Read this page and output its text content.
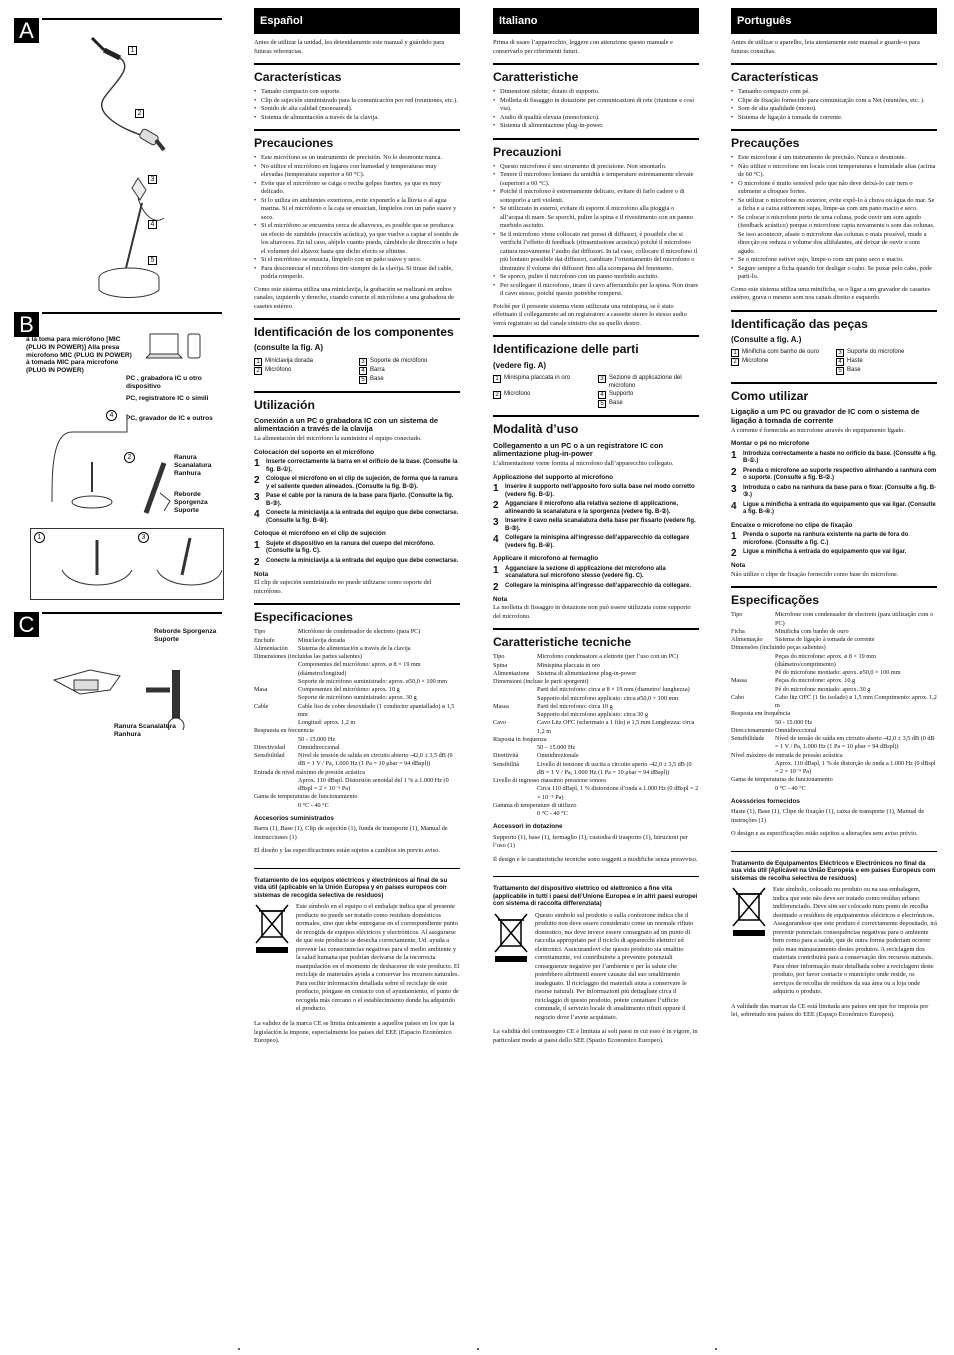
A
1
2
3
4
5
B
a la toma para micrófono [MIC (PLUG IN POWER)] Alla presa microfono MIC (PLUG IN POWER) à tomada MIC para microfone (PLUG IN POWER)
PC , grabadora IC u otro dispositivo
PC, registratore IC o simili
PC, gravador de IC e outros
4
2	Ranura Scanalatura Ranhura
Reborde Sporgenza Suporte
1	3
C	Reborde Sporgenza Suporte
Ranura Scanalatura Ranhura
Español

Antes de utilizar la unidad, lea detenidamente este manual y guárdelo para futuras referencias.

Características
• Tamaño compacto con soporte.
• Clip de sujeción suministrado para la comunicación por red (reuniones, etc.).
• Sonido de alta calidad (monoaural).
• Sistema de alimentación a través de la clavija.
Precauciones
• Este micrófono es un instrumento de precisión. No lo desmonte nunca.
• No utilice el micrófono en lugares con humedad y temperaturas muy elevadas (temperatura superior a 60 °C).
• Evite que el micrófono se caiga o reciba golpes fuertes, ya que es muy delicado.
• Si lo utiliza en ambientes exteriores, evite exponerlo a la lluvia o al agua marina. Si el micrófono o la caja se ensucian, límpielos con un paño suave y seco.
• Si el micrófono se encuentra cerca de altavoces, es posible que se produzca un efecto de zumbido (reacción acústica), ya que vuelve a captar el sonido de los altavoces. En tal caso, aléjelo cuanto pueda, cámbielo de dirección o baje el volumen del altavoz hasta que dicho efecto se elimine.
• Si el micrófono se ensucia, límpielo con un paño suave y seco.
• Para desconectar el micrófono tire siempre de la clavija. Si tirase del cable, podría romperlo.

Como este sistema utiliza una miniclavija, la grabación se realizará en ambos canales, izquierdo y derecho, cuando conecte el micrófono a una grabadora de casetes estéreo.

Identificación de los componentes (consulte la fig. A)
1 Miniclavija dorada	3 Soporte de micrófono
2 Micrófono	4 Barra
5 Base
Utilización
Conexión a un PC o grabadora IC con un sistema de alimentación a través de la clavija

La alimentación del micrófono la suministra el equipo conectado.

Colocación del soporte en el micrófono
1 Inserte correctamente la barra en el orificio de la base. (Consulte la fig. B-①).
2 Coloque el micrófono en el clip de sujeción, de forma que la ranura y el saliente queden alineados. (Consulte la fig. B-②).
3 Pase el cable por la ranura de la base para fijarlo. (Consulte la fig. B-③).
4 Conecte la miniclavija a la entrada del equipo que debe conectarse. (Consulte la fig. B-④).
Coloque el micrófono en el clip de sujeción
1 Sujete el dispositivo en la ranura del cuerpo del micrófono. (Consulte la fig. C).
2 Conecte la miniclavija a la entrada del equipo que debe conectarse.
Nota

El clip de sujeción suministrado no puede utilizarse como soporte del micrófono.

Especificaciones
Tipo	Micrófono de condensador de electreto (para PC)
Enchufe	Miniclavija dorada
Alimentación	Sistema de alimentación a través de la clavija
Dimensiones (incluidas las partes salientes)
Componentes del micrófono: aprox. ø 8 × 19 mm (diámetro/longitud)
Soporte de micrófono suministrado: aprox. ø50,0 × 100 mm
Masa	Componentes del micrófono: aprox. 10 g
Soporte de micrófono suministrado: aprox. 30 g
Cable	Cable liso de cobre desoxidado (1 conductor apantallado) ø 1,5 mm
Longitud: aprox. 1,2 m
Respuesta en frecuencia
50 - 15.000 Hz
Directividad	Omnidireccional
Sensibilidad	Nivel de tensión de salida en circuito abierto -42,0 ± 3,5 dB (0 dB = 1 V / Pa, 1.000 Hz (1 Pa = 10 μbar = 94 dBspl))
Entrada de nivel máximo de presión acústica
Aprox. 110 dBspl. Distorsión senoidal del 1 % a 1.000 Hz (0 dBspl = 2 × 10⁻⁵ Pa)
Gama de temperaturas de funcionamiento
0 °C - 40 °C
Accesorios suministrados

Barra (1), Base (1), Clip de sujeción (1), funda de transporte (1), Manual de instrucciones (1)

El diseño y las especificaciones están sujetos a cambios sin previo aviso.

Tratamiento de los equipos eléctricos y electrónicos al final de su vida útil (aplicable en la Unión Europea y en países europeos con sistemas de recogida selectiva de residuos)

Este símbolo en el equipo o el embalaje indica que el presente producto no puede ser tratado como residuos domésticos normales, sino que debe entregarse en el correspondiente punto de recogida de equipos eléctricos y electrónicos. Al asegurarse de que este producto se desecha correctamente, Ud. ayuda a prevenir las consecuencias negativas para el medio ambiente y la salud humana que podrían derivarse de la incorrecta manipulación en el momento de deshacerse de este producto. El reciclaje de materiales ayuda a conservar los recursos naturales. Para recibir información detallada sobre el reciclaje de este producto, póngase en contacto con el ayuntamiento, el punto de recogida más cercano o el establecimiento donde ha adquirido el producto.

La validez de la marca CE se limita únicamente a aquellos países en los que la legislación la impone, especialmente los países del EEE (Espacio Económico Europeo).

Italiano

Prima di usare l’apparecchio, leggere con attenzione questo manuale e conservarlo per riferimenti futuri.

Caratteristiche
• Dimensioni ridotte; dotato di supporto.
• Molletta di fissaggio in dotazione per comunicazioni di rete (riunione e così via).
• Audio di qualità elevata (monofonico).
• Sistema di alimentazione plug-in-power.
Precauzioni
• Questo microfono è uno strumento di precisione. Non smontarlo.
• Tenere il microfono lontano da umidità e temperature estremamente elevate (superiori a 60 °C).
• Poiché il microfono è estremamente delicato, evitare di farlo cadere o di sottoporlo a urti violenti.
• Se utilizzato in esterni, evitare di esporre il microfono alla pioggia o all’acqua di mare. Se sporchi, pulire la spina e il rivestimento con un panno morbido asciutto.
• Se il microfono viene collocato nei pressi di diffusori, è possibile che si verifichi l’effetto di feedback (ritrasmissione acustica) poiché il microfono cattura nuovamente l’audio dai diffusori. In tal caso, collocare il microfono il più lontano possibile dai diffusori, cambiare l’orientamento del microfono o diminuire il volume dei diffusori fino alla scomparsa del fenomeno.
• Se sporco, pulire il microfono con un panno morbido asciutto.
• Per scollegare il microfono, tirare il cavo afferrandolo per la spina. Non tirare il cavo stesso, poiché questo potrebbe rompersi.

Poiché per il presente sistema viene utilizzata una minispina, se è stato effettuato il collegamento ad un registratore a cassette stereo lo stesso audio verrà registrato su dal canale sinistro che su quello destro.

Identificazione delle parti
(vedere fig. A)
1 Minispina placcata in oro	3 Sezione di applicazione del microfono
2 Microfono	4 Supporto
5 Base
Modalità d’uso
Collegamento a un PC o a un registratore IC con alimentazione plug-in-power

L’alimentazione viene fornita al microfono dall’apparecchio collegato.

Applicazione del supporto al microfono
1 Inserire il supporto nell’apposito foro sulla base nel modo corretto (vedere fig. B-①).
2 Agganciare il microfono alla relativa sezione di applicazione, allineando la scanalatura e la sporgenza (vedere fig. B-②).
3 Inserire il cavo nella scanalatura della base per fissarlo (vedere fig. B-③).
4 Collegare la minispina all’ingresso dell’apparecchio da collegare (vedere fig. B-④).
Applicare il microfono al fermaglio
1 Agganciare la sezione di applicazione del microfono alla scanalatura sul microfono stesso (vedere fig. C).
2 Collegare la minispina all’ingresso dell’apparecchio da collegare.
Nota

La molletta di fissaggio in dotazione non può essere utilizzata come supporto del microfono.

Caratteristiche tecniche
Tipo	Microfono condensatore a elettrete (per l’uso con un PC)
Spina	Minispina placcata in oro
Alimentazione	Sistema di alimentazione plug-in-power
Dimensioni (incluse le parti sporgenti)
Parti del microfono: circa ø 8 × 19 mm (diametro/ lunghezza)
Supporto del microfono applicato: circa ø50,0 × 100 mm
Massa	Parti del microfono: circa 10 g
Supporto del microfono applicato: circa 30 g
Cavo	Cavo Litz OFC (schermato a 1 filo) ø 1,5 mm Lunghezza: circa 1,2 m
Risposta in frequenza
50 – 15.000 Hz
Direttività	Omnidirezionale
Sensibilità	Livello di tensione di uscita a circuito aperto -42,0 ± 3,5 dB (0 dB = 1 V / Pa, 1.000 Hz (1 Pa = 10 μbar = 94 dBspl))
Livello di ingresso massimo pressione sonora
Circa 110 dBspl, 1 % distorsione d’onda a 1.000 Hz (0 dBspl = 2 × 10⁻⁵ Pa)
Gamma di temperature di utilizzo
0 °C - 40 °C
Accessori in dotazione

Supporto (1), base (1), fermaglio (1), custodia di trasporto (1), Istruzioni per l’uso (1)

Il design e le caratteristiche tecniche sono soggetti a modifiche senza preavviso.

Trattamento del dispositivo elettrico od elettronico a fine vita (applicabile in tutti i paesi dell’Unione Europea e in altri paesi europei con sistema di raccolta differenziata)

Questo simbolo sul prodotto o sulla confezione indica che il prodotto non deve essere considerato come un normale rifiuto domestico, ma deve invece essere consegnato ad un punto di raccolta appropriato per il riciclo di apparecchi elettrici ed elettronici. Assicurandovi che questo prodotto sia smaltito correttamente, voi contribuirete a prevenire potenziali conseguenze negative per l’ambiente e per la salute che potrebbero altrimenti essere causate dal suo smaltimento inadeguato. Il riciclaggio dei materiali aiuta a conservare le risorse naturali. Per informazioni più dettagliate circa il riciclaggio di questo prodotto, potete contattare l’ufficio comunale, il servizio locale di smaltimento rifiuti oppure il negozio dove l’avete acquistato.

La validità del contrassegno CE è limitata ai soli paesi in cui esso è in vigore, in particolare modo ai paesi dello SEE (Spazio Economico Europeo).

Português

Antes de utilizar o aparelho, leia atentamente este manual e guarde-o para futuras consultas.

Características
• Tamanho compacto com pé.
• Clipe de fixação fornecido para comunicação com a Net (reuniões, etc. ).
• Som de alta qualidade (mono).
• Sistema de ligação à tomada de corrente.
Precauções
• Este microfone é um instrumento de precisão. Nunca o desmonte.
• Não utilize o microfone em locais com temperaturas e humidade altas (acima de 60 °C).
• O microfone é muito sensível pelo que não deve deixá-lo cair nem o submeter a choques fortes.
• Se utilizar o microfone no exterior, evite expô-lo à chuva ou água do mar. Se a ficha e a caixa estiverem sujas, limpe-as com um pano macio e seco.
• Se colocar o microfone perto de uma coluna, pode ouvir um som agudo (feedback acústico) porque o microfone capta novamente o som das colunas. Se isso acontecer, afaste o microfone das colunas o mais possível, mude a direcção ou reduza o volume dos altifalantes, até deixar de ouvir o som agudo.
• Se o microfone estiver sujo, limpe-o com um pano seco e macio.
• Segure sempre a ficha quando for desligar o cabo. Se puxar pelo cabo, pode parti-lo.

Como este sistema utiliza uma minificha, se o ligar a um gravador de cassetes estéreo, grava o mesmo som nos canais direito e esquerdo.

Identificação das peças
(Consulte a fig. A.)
1 Minificha com banho de ouro	3 Suporte do microfone
2 Microfone	4 Haste
5 Base
Como utilizar
Ligação a um PC ou gravador de IC com o sistema de ligação à tomada de corrente

A corrente é fornecida ao microfone através do equipamento ligado.

Montar o pé no microfone
1 Introduza correctamente a haste no orifício da base. (Consulte a fig. B-①.)
2 Prenda o microfone ao suporte respectivo alinhando a ranhura com o suporte. (Consulte a fig. B-②.)
3 Introduza o cabo na ranhura da base para o fixar. (Consulte a fig. B-③.)
4 Ligue a minificha à entrada do equipamento que vai ligar. (Consulte a fig. B-④.)
Encaixe o microfone no clipe de fixação
1 Prenda o suporte na ranhura existente na parte de fora do microfone. (Consulte a fig. C.)
2 Ligue a minificha à entrada do equipamento que vai ligar.
Nota

Não utilize o clipe de fixação fornecido como base do microfone.

Especificações
Tipo	Microfone com condensador de electreto (para utilização com o PC)
Ficha	Minificha com banho de ouro
Alimentação	Sistema de ligação à tomada de corrente
Dimensões (incluindo peças salientes)
Peças do microfone: aprox. ø 8 × 19 mm (diâmetro/comprimento)
Pé do microfone montado: aprox. ø50,0 × 100 mm
Massa	Peças do microfone: aprox. 10 g
Pé do microfone montado: aprox. 30 g
Cabo	Cabo litz OFC (1 fio isolado) ø 1,5 mm Comprimento: aprox. 1,2 m
Resposta em frequência
50 - 15.000 Hz
Direccionamento Omnidireccional
Sensibilidade	Nível de tensão de saída em circuito aberto -42,0 ± 3,5 dB (0 dB = 1 V / Pa, 1.000 Hz (1 Pa = 10 μbar = 94 dBspl))
Nível máximo de entrada de pressão acústica
Aprox. 110 dBspl, 1 % de distorção de onda a 1.000 Hz (0 dBspl = 2 × 10⁻⁵ Pa)
Gama de temperaturas de funcionamento
0 °C - 40 °C
Acessórios fornecidos

Haste (1), Base (1), Clipe de fixação (1), caixa de transporte (1), Manual de instruções (1)

O design e as especificações estão sujeitos a alterações sem aviso prévio.

Tratamento de Equipamentos Eléctricos e Electrónicos no final da sua vida útil (Aplicável na União Europeia e em países Europeus com sistemas de recolha selectiva de resíduos)

Este símbolo, colocado no produto ou na sua embalagem, indica que este não deve ser tratado como resíduo urbano indiferenciado. Deve sim ser colocado num ponto de recolha destinado a resíduos de equipamentos eléctricos e electrónicos. Assegurandose que este produto é correctamente depositado, irá prevenir potenciais consequências negativas para o ambiente bem como para a saúde, que de outra forma poderiam ocorrer pelo mau manuseamento destes produtos. A reciclagem dos materiais contribuirá para a conservação dos recursos naturais. Para obter informação mais detalhada sobre a reciclagem deste produto, por favor contacte o município onde reside, os serviços de recolha de resíduos da sua área ou a loja onde adquiriu o produto.

A validade das marcas da CE está limitada aos países em que for imposta por lei, sobretudo nos países do EEE (Espaço Económico Europeu).
